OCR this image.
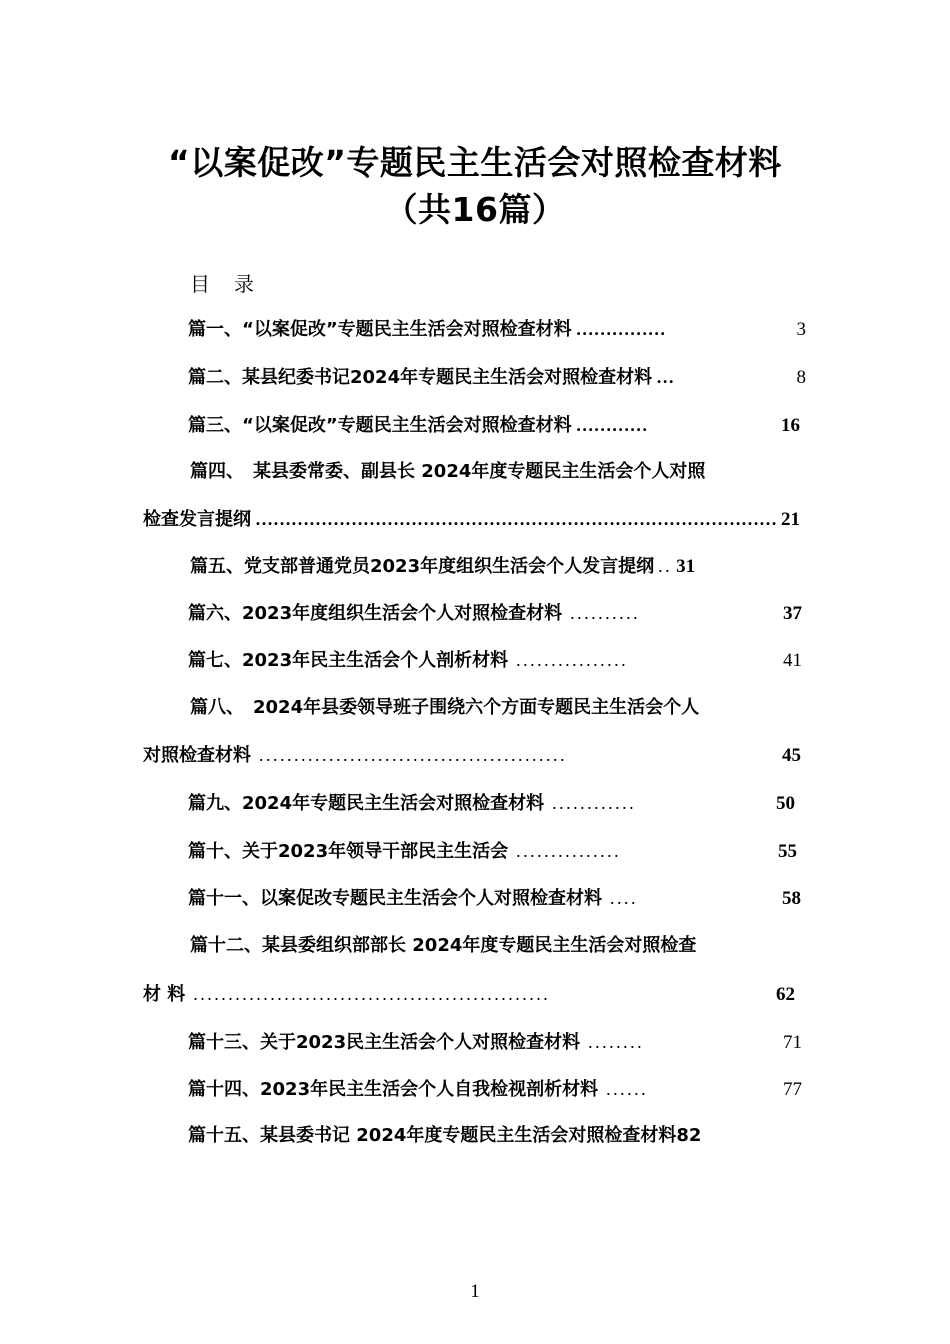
“以案促改”专题民主生活会对照检查材料
（共16篇）
目录
篇一、“以案促改”专题民主生活会对照检查材料 ……………	3
篇二、某县纪委书记2024年专题民主生活会对照检查材料 …	8
篇三、“以案促改”专题民主生活会对照检查材料 …………	16
篇四、　某县委常委、副县长 2024年度专题民主生活会个人对照
检查发言提纲 …………………………………………………………………………… 21
篇五、党支部普通党员2023年度组织生活会个人发言提纲 .. 31
篇六、2023年度组织生活会个人对照检查材料 ..........	37
篇七、2023年民主生活会个人剖析材料 ................	41
篇八、　2024年县委领导班子围绕六个方面专题民主生活会个人
对照检查材料 ............................................	45
篇九、2024年专题民主生活会对照检查材料 ............	50
篇十、关于2023年领导干部民主生活会 ...............	55
篇十一、以案促改专题民主生活会个人对照检查材料 ....	58
篇十二、某县委组织部部长 2024年度专题民主生活会对照检查
材 料 ...................................................	62
篇十三、关于2023民主生活会个人对照检查材料 ........	71
篇十四、2023年民主生活会个人自我检视剖析材料 ......	77
篇十五、某县委书记 2024年度专题民主生活会对照检查材料 82
1
